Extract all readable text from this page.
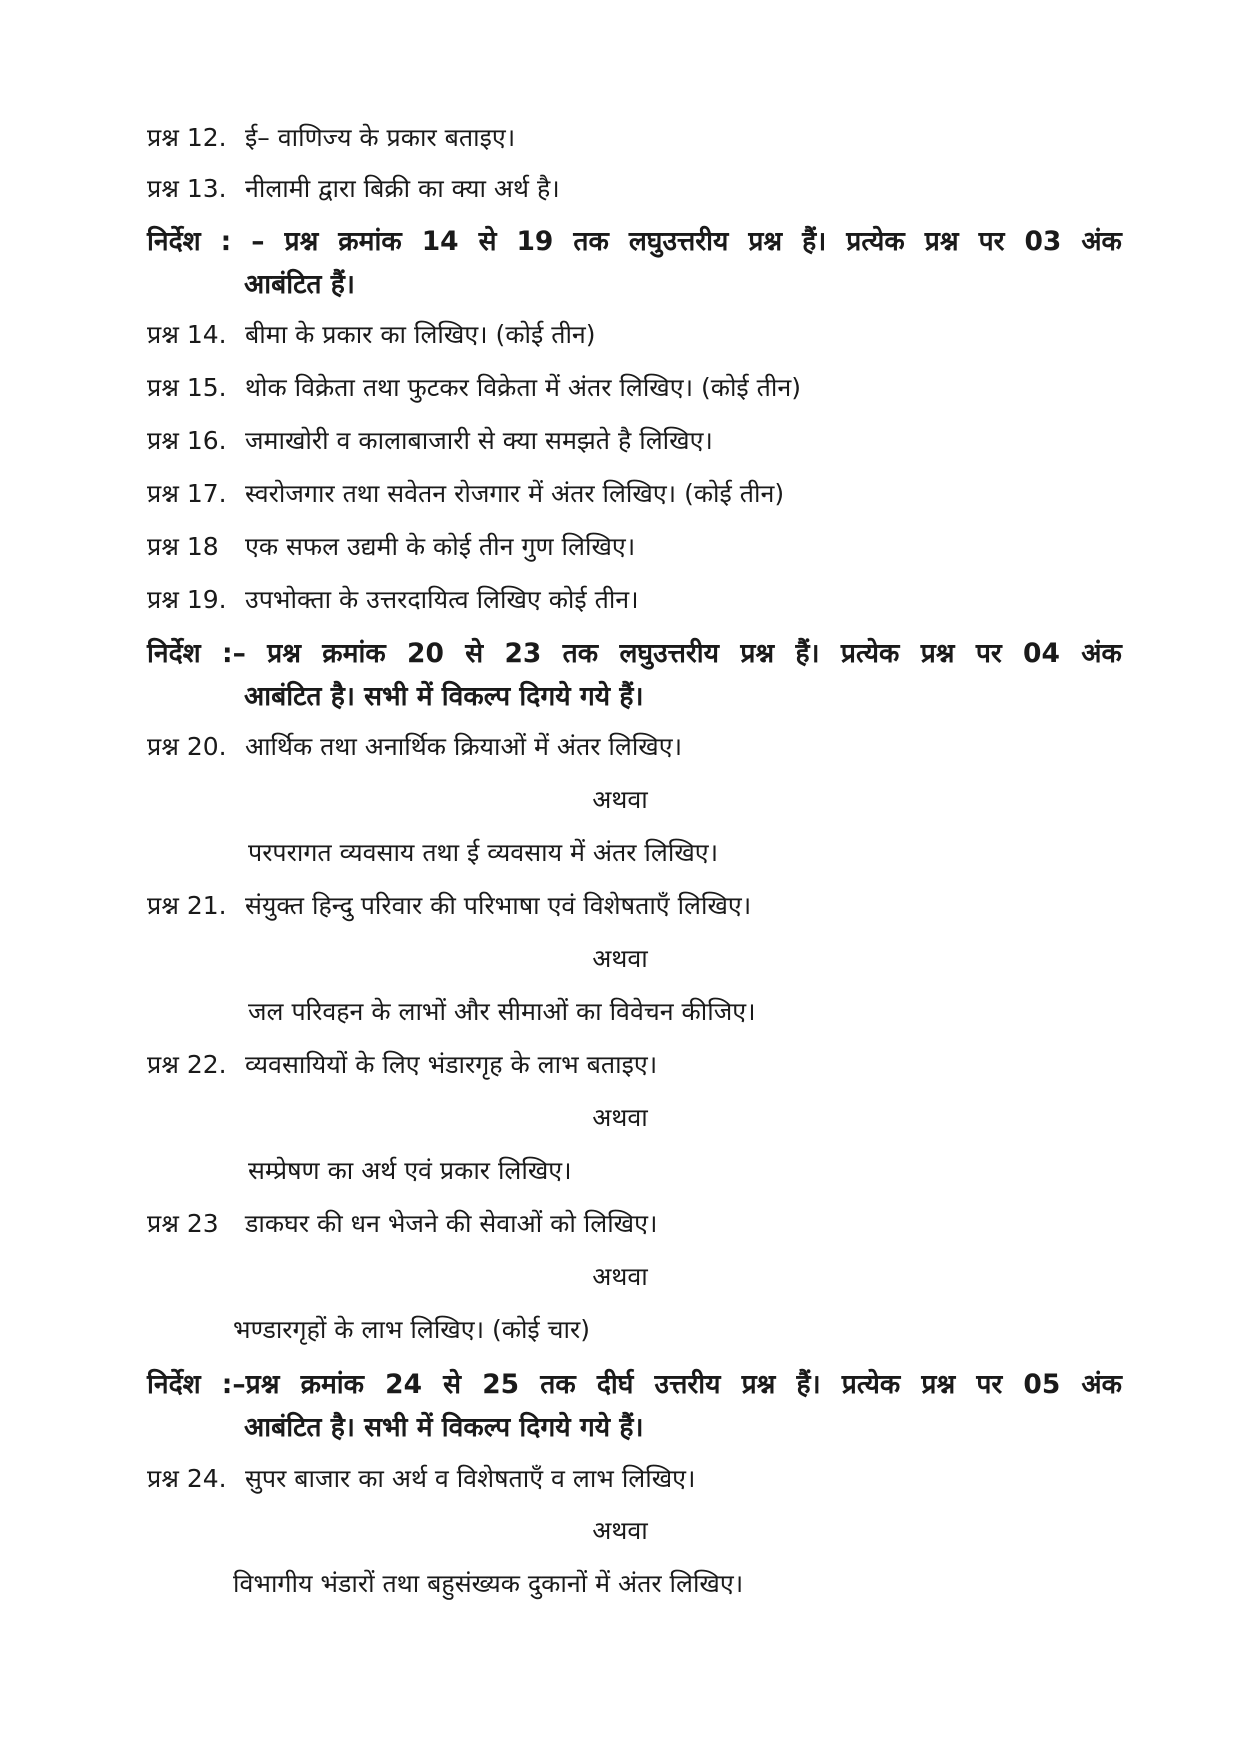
प्रश्न 12. ई– वाणिज्य के प्रकार बताइए।
प्रश्न 13. नीलामी द्वारा बिक्री का क्या अर्थ है।
निर्देश : – प्रश्न क्रमांक 14 से 19 तक लघुउत्तरीय प्रश्न हैं। प्रत्येक प्रश्न पर 03 अंक
आबंटित हैं।
प्रश्न 14. बीमा के प्रकार का लिखिए। (कोई तीन)
प्रश्न 15. थोक विक्रेता तथा फुटकर विक्रेता में अंतर लिखिए। (कोई तीन)
प्रश्न 16. जमाखोरी व कालाबाजारी से क्या समझते है लिखिए।
प्रश्न 17. स्वरोजगार तथा सवेतन रोजगार में अंतर लिखिए। (कोई तीन)
प्रश्न 18 एक सफल उद्यमी के कोई तीन गुण लिखिए।
प्रश्न 19. उपभोक्ता के उत्तरदायित्व लिखिए कोई तीन।
निर्देश :– प्रश्न क्रमांक 20 से 23 तक लघुउत्तरीय प्रश्न हैं। प्रत्येक प्रश्न पर 04 अंक
आबंटित है। सभी में विकल्प दिगये गये हैं।
प्रश्न 20. आर्थिक तथा अनार्थिक क्रियाओं में अंतर लिखिए।
अथवा
परपरागत व्यवसाय तथा ई व्यवसाय में अंतर लिखिए।
प्रश्न 21. संयुक्त हिन्दु परिवार की परिभाषा एवं विशेषताएँ लिखिए।
अथवा
जल परिवहन के लाभों और सीमाओं का विवेचन कीजिए।
प्रश्न 22. व्यवसायियों के लिए भंडारगृह के लाभ बताइए।
अथवा
सम्प्रेषण का अर्थ एवं प्रकार लिखिए।
प्रश्न 23 डाकघर की धन भेजने की सेवाओं को लिखिए।
अथवा
भण्डारगृहों के लाभ लिखिए। (कोई चार)
निर्देश :–प्रश्न क्रमांक 24 से 25 तक दीर्घ उत्तरीय प्रश्न हैं। प्रत्येक प्रश्न पर 05 अंक
आबंटित है। सभी में विकल्प दिगये गये हैं।
प्रश्न 24. सुपर बाजार का अर्थ व विशेषताएँ व लाभ लिखिए।
अथवा
विभागीय भंडारों तथा बहुसंख्यक दुकानों में अंतर लिखिए।
